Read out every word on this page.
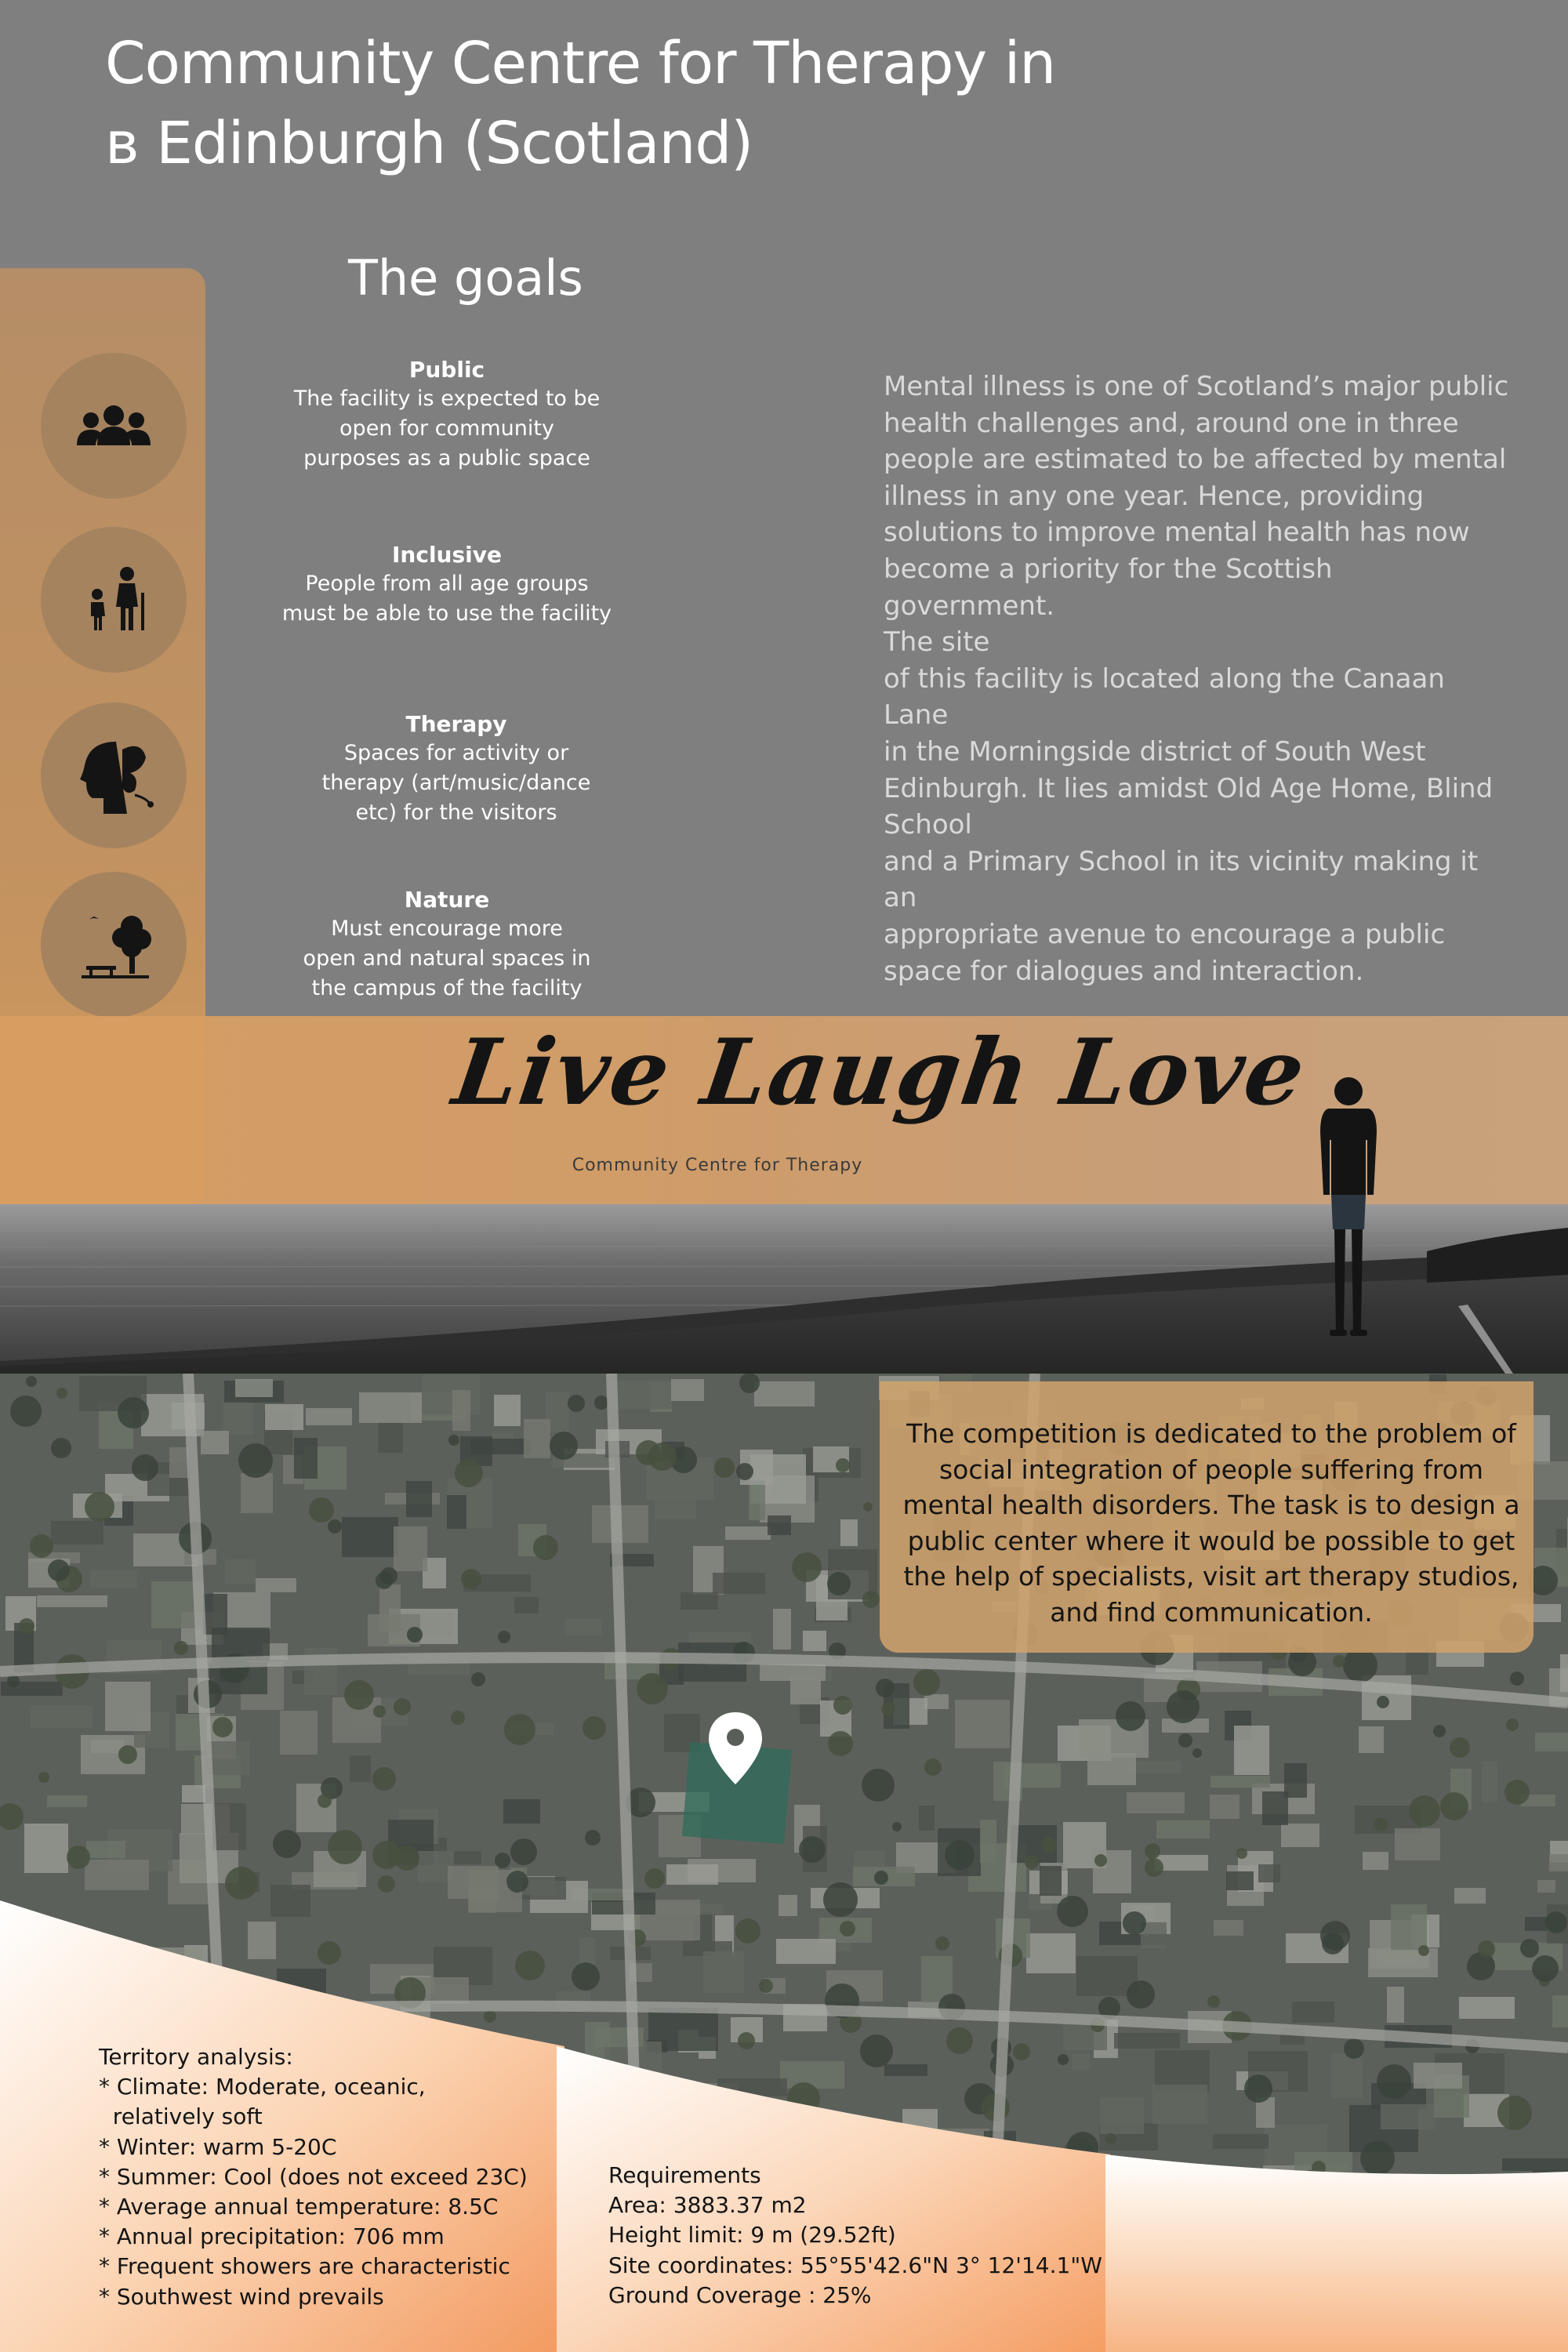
Community Centre for Therapy in
в Edinburgh (Scotland)
The goals
Public
The facility is expected to be
open for community
purposes as a public space
Inclusive
People from all age groups
must be able to use the facility
Therapy
Spaces for activity or
therapy (art/music/dance
etc) for the visitors
Nature
Must encourage more
open and natural spaces in
the campus of the facility
Mental illness is one of Scotland’s major public
health challenges and, around one in three
people are estimated to be affected by mental
illness in any one year. Hence, providing
solutions to improve mental health has now
become a priority for the Scottish government.
The site
of this facility is located along the Canaan Lane
in the Morningside district of South West
Edinburgh. It lies amidst Old Age Home, Blind
School
and a Primary School in its vicinity making it an
appropriate avenue to encourage a public
space for dialogues and interaction.
Live Laugh Love
Community Centre for Therapy
The competition is dedicated to the problem of
social integration of people suffering from
mental health disorders. The task is to design a
public center where it would be possible to get
the help of specialists, visit art therapy studios,
and find communication.
Territory analysis:
* Climate: Moderate, oceanic,
relatively soft
* Winter: warm 5-20C
* Summer: Cool (does not exceed 23C)
* Average annual temperature: 8.5C
* Annual precipitation: 706 mm
* Frequent showers are characteristic
* Southwest wind prevails
Requirements
Area: 3883.37 m2
Height limit: 9 m (29.52ft)
Site coordinates: 55°55'42.6"N 3° 12'14.1"W
Ground Coverage : 25%
